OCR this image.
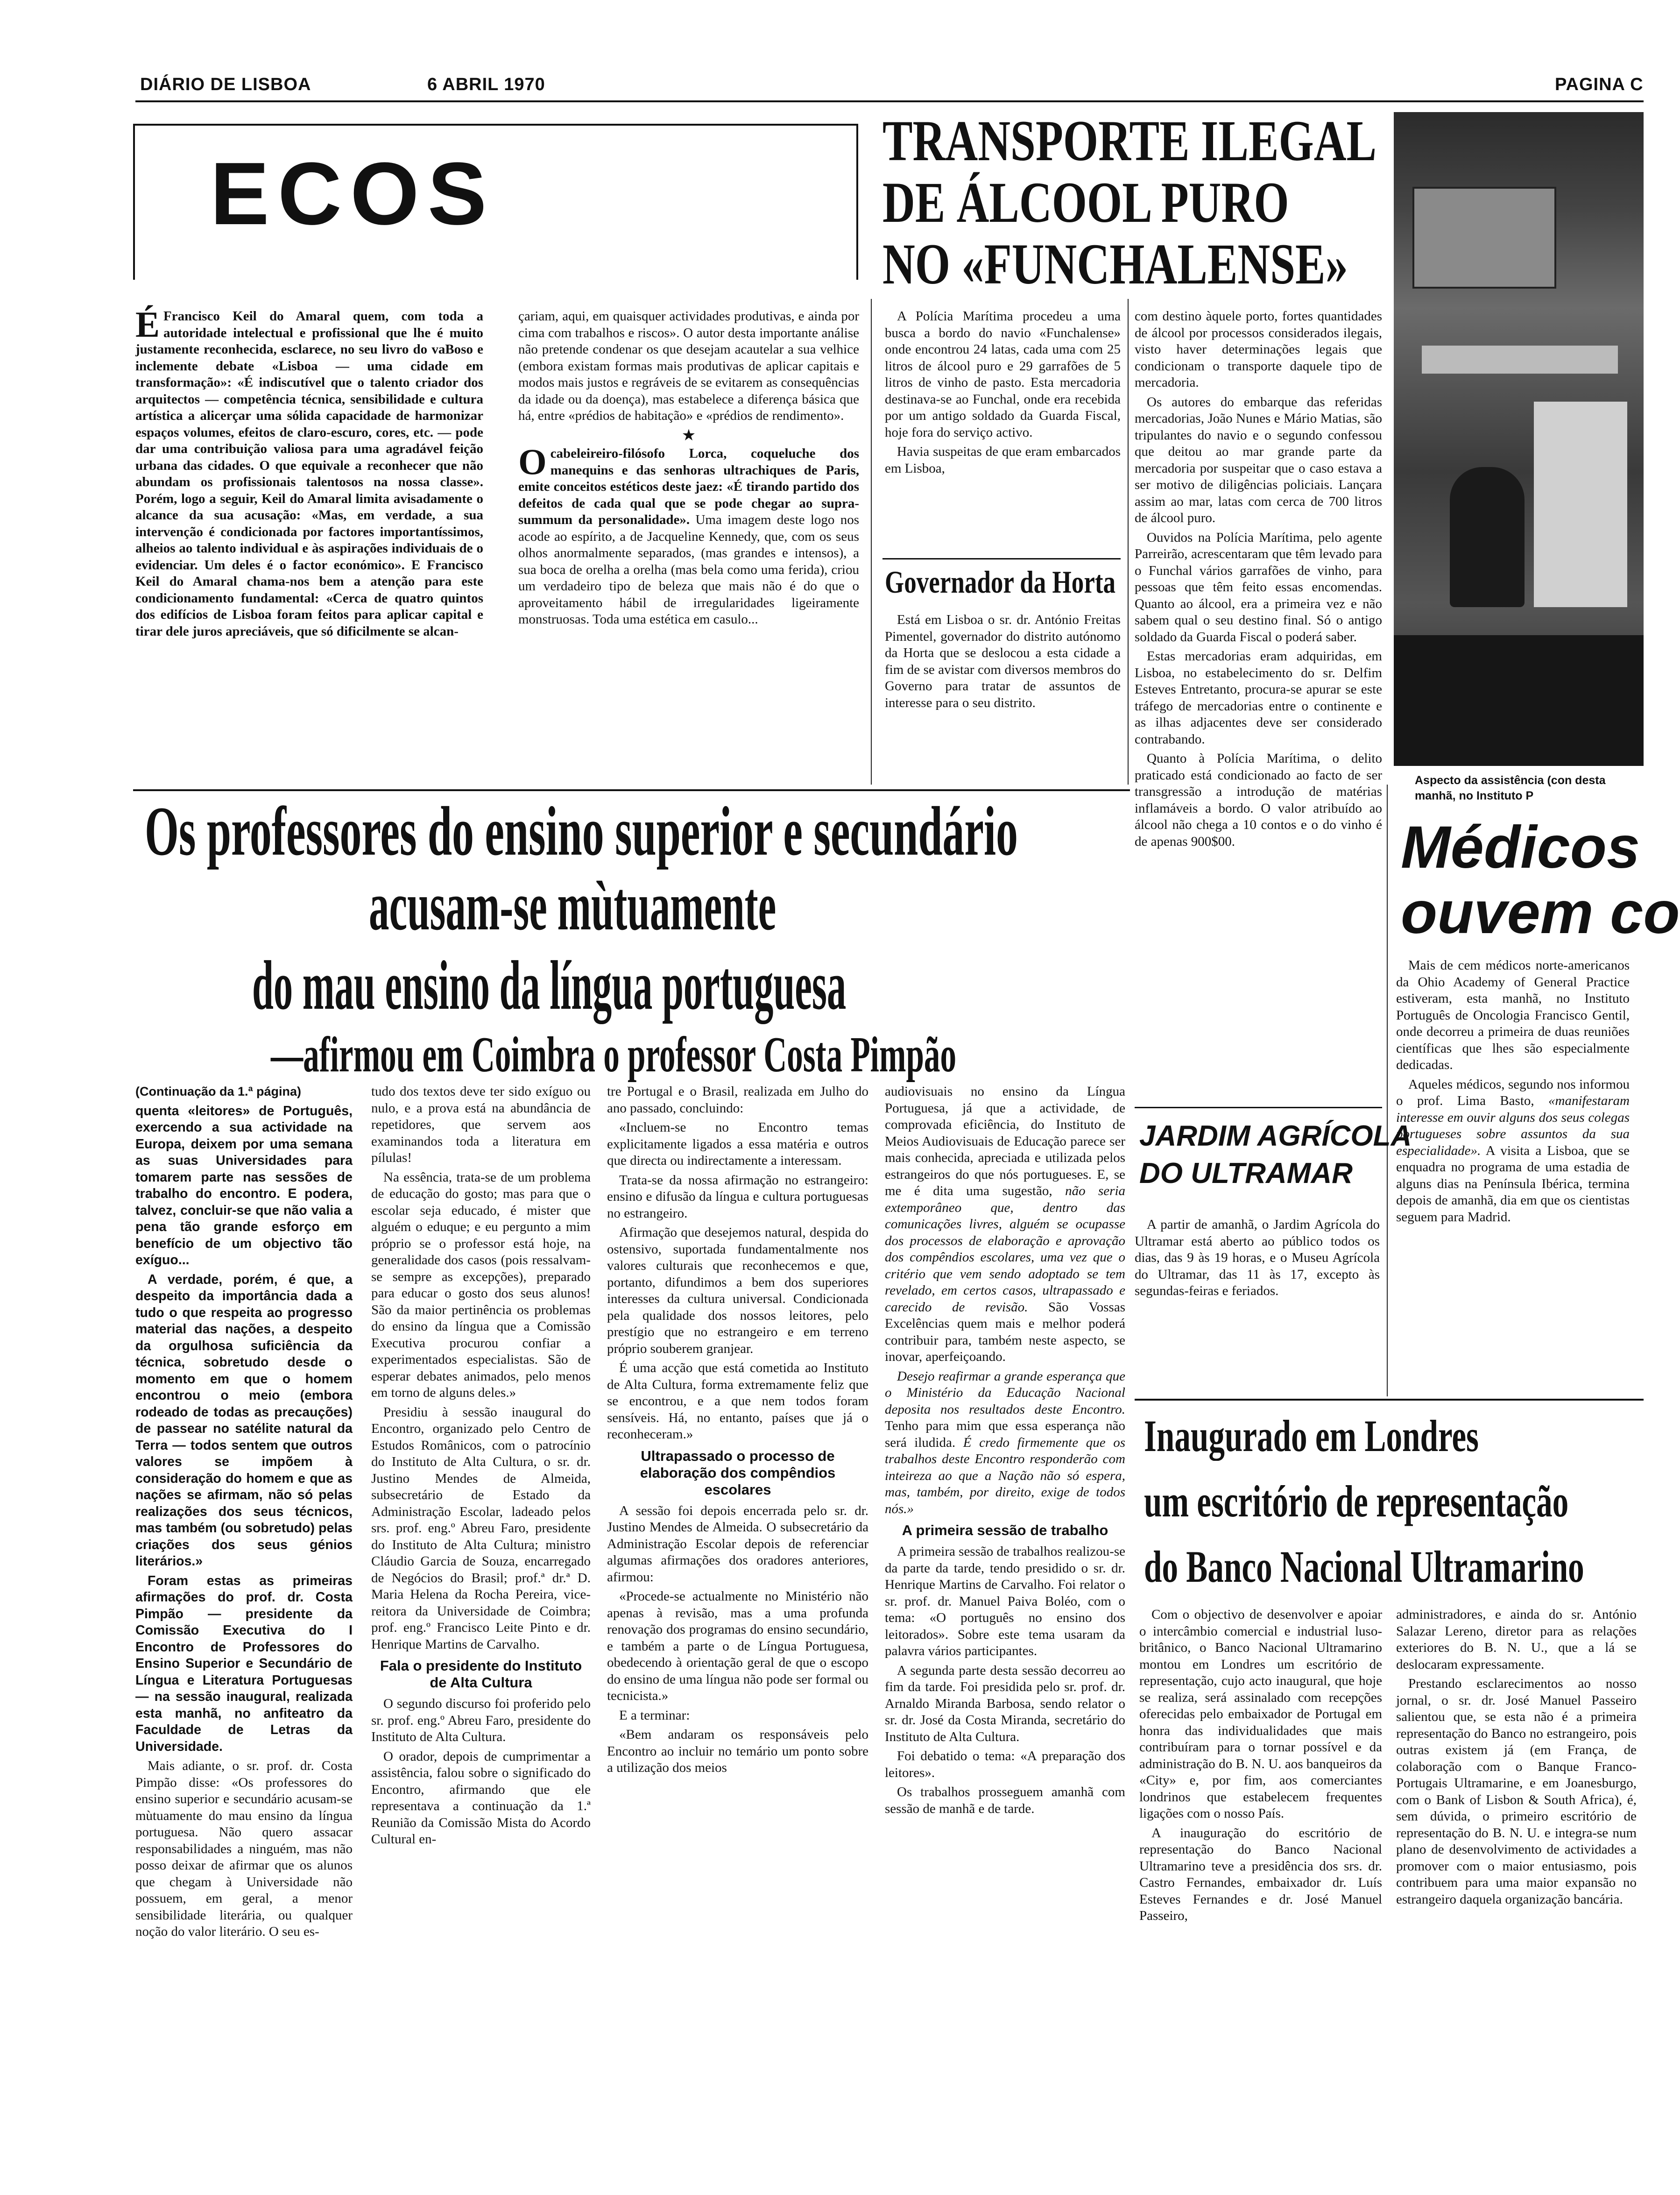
DIÁRIO DE LISBOA	6 ABRIL 1970	PAGINA C
ECOS

É Francisco Keil do Amaral quem, com toda a autoridade intelectual e profissional que lhe é muito justamente reconhecida, esclarece, no seu livro do vaBoso e inclemente debate «Lisboa — uma cidade em transformação»: «É indiscutível que o talento criador dos arquitectos — competência técnica, sensibilidade e cultura artística a alicerçar uma sólida capacidade de harmonizar espaços volumes, efeitos de claro-escuro, cores, etc. — pode dar uma contribuição valiosa para uma agradável feição urbana das cidades. O que equivale a reconhecer que não abundam os profissionais talentosos na nossa classe». Porém, logo a seguir, Keil do Amaral limita avisadamente o alcance da sua acusação: «Mas, em verdade, a sua intervenção é condicionada por factores importantíssimos, alheios ao talento individual e às aspirações individuais de o evidenciar. Um deles é o factor económico». E Francisco Keil do Amaral chama-nos bem a atenção para este condicionamento fundamental: «Cerca de quatro quintos dos edifícios de Lisboa foram feitos para aplicar capital e tirar dele juros apreciáveis, que só dificilmente se alcan-

çariam, aqui, em quaisquer actividades produtivas, e ainda por cima com trabalhos e riscos». O autor desta importante análise não pretende condenar os que desejam acautelar a sua velhice (embora existam formas mais produtivas de aplicar capitais e modos mais justos e regráveis de se evitarem as consequências da idade ou da doença), mas estabelece a diferença básica que há, entre «prédios de habitação» e «prédios de rendimento».

★

Ocabeleireiro-filósofo Lorca, coqueluche dos manequins e das senhoras ultrachiques de Paris, emite conceitos estéticos deste jaez: «É tirando partido dos defeitos de cada qual que se pode chegar ao supra-summum da personalidade». Uma imagem deste logo nos acode ao espírito, a de Jacqueline Kennedy, que, com os seus olhos anormalmente separados, (mas grandes e intensos), a sua boca de orelha a orelha (mas bela como uma ferida), criou um verdadeiro tipo de beleza que mais não é do que o aproveitamento hábil de irregularidades ligeiramente monstruosas. Toda uma estética em casulo...

TRANSPORTE ILEGAL
DE ÁLCOOL PURO
NO «FUNCHALENSE»

A Polícia Marítima procedeu a uma busca a bordo do navio «Funchalense» onde encontrou 24 latas, cada uma com 25 litros de álcool puro e 29 garrafões de 5 litros de vinho de pasto. Esta mercadoria destinava-se ao Funchal, onde era recebida por um antigo soldado da Guarda Fiscal, hoje fora do serviço activo.

Havia suspeitas de que eram embarcados em Lisboa,

com destino àquele porto, fortes quantidades de álcool por processos considerados ilegais, visto haver determinações legais que condicionam o transporte daquele tipo de mercadoria.

Os autores do embarque das referidas mercadorias, João Nunes e Mário Matias, são tripulantes do navio e o segundo confessou que deitou ao mar grande parte da mercadoria por suspeitar que o caso estava a ser motivo de diligências policiais. Lançara assim ao mar, latas com cerca de 700 litros de álcool puro.

Ouvidos na Polícia Marítima, pelo agente Parreirão, acrescentaram que têm levado para o Funchal vários garrafões de vinho, para pessoas que têm feito essas encomendas. Quanto ao álcool, era a primeira vez e não sabem qual o seu destino final. Só o antigo soldado da Guarda Fiscal o poderá saber.

Estas mercadorias eram adquiridas, em Lisboa, no estabelecimento do sr. Delfim Esteves Entretanto, procura-se apurar se este tráfego de mercadorias entre o continente e as ilhas adjacentes deve ser considerado contrabando.

Quanto à Polícia Marítima, o delito praticado está condicionado ao facto de ser transgressão a introdução de matérias inflamáveis a bordo. O valor atribuído ao álcool não chega a 10 contos e o do vinho é de apenas 900$00.

Governador da Horta

Está em Lisboa o sr. dr. António Freitas Pimentel, governador do distrito autónomo da Horta que se deslocou a esta cidade a fim de se avistar com diversos membros do Governo para tratar de assuntos de interesse para o seu distrito.

Aspecto da assistência (con desta manhã, no Instituto P
Médicos
ouvem co

Mais de cem médicos norte-americanos da Ohio Academy of General Practice estiveram, esta manhã, no Instituto Português de Oncologia Francisco Gentil, onde decorreu a primeira de duas reuniões científicas que lhes são especialmente dedicadas.

Aqueles médicos, segundo nos informou o prof. Lima Basto, «manifestaram interesse em ouvir alguns dos seus colegas portugueses sobre assuntos da sua especialidade». A visita a Lisboa, que se enquadra no programa de uma estadia de alguns dias na Península Ibérica, termina depois de amanhã, dia em que os cientistas seguem para Madrid.

JARDIM AGRÍCOLA
DO ULTRAMAR

A partir de amanhã, o Jardim Agrícola do Ultramar está aberto ao público todos os dias, das 9 às 19 horas, e o Museu Agrícola do Ultramar, das 11 às 17, excepto às segundas-feiras e feriados.

Inaugurado em Londres
um escritório de representação
do Banco Nacional Ultramarino

Com o objectivo de desenvolver e apoiar o intercâmbio comercial e industrial luso-britânico, o Banco Nacional Ultramarino montou em Londres um escritório de representação, cujo acto inaugural, que hoje se realiza, será assinalado com recepções oferecidas pelo embaixador de Portugal em honra das individualidades que mais contribuíram para o tornar possível e da administração do B. N. U. aos banqueiros da «City» e, por fim, aos comerciantes londrinos que estabelecem frequentes ligações com o nosso País.

A inauguração do escritório de representação do Banco Nacional Ultramarino teve a presidência dos srs. dr. Castro Fernandes, embaixador dr. Luís Esteves Fernandes e dr. José Manuel Passeiro,

administradores, e ainda do sr. António Salazar Lereno, diretor para as relações exteriores do B. N. U., que a lá se deslocaram expressamente.

Prestando esclarecimentos ao nosso jornal, o sr. dr. José Manuel Passeiro salientou que, se esta não é a primeira representação do Banco no estrangeiro, pois outras existem já (em França, de colaboração com o Banque Franco-Portugais Ultramarine, e em Joanesburgo, com o Bank of Lisbon & South Africa), é, sem dúvida, o primeiro escritório de representação do B. N. U. e integra-se num plano de desenvolvimento de actividades a promover com o maior entusiasmo, pois contribuem para uma maior expansão no estrangeiro daquela organização bancária.

Os professores do ensino superior e secundário
acusam-se mùtuamente
do mau ensino da língua portuguesa
—afirmou em Coimbra o professor Costa Pimpão

(Continuação da 1.ª página)

quenta «leitores» de Português, exercendo a sua actividade na Europa, deixem por uma semana as suas Universidades para tomarem parte nas sessões de trabalho do encontro. E podera, talvez, concluir-se que não valia a pena tão grande esforço em benefício de um objectivo tão exíguo...

A verdade, porém, é que, a despeito da importância dada a tudo o que respeita ao progresso material das nações, a despeito da orgulhosa suficiência da técnica, sobretudo desde o momento em que o homem encontrou o meio (embora rodeado de todas as precauções) de passear no satélite natural da Terra — todos sentem que outros valores se impõem à consideração do homem e que as nações se afirmam, não só pelas realizações dos seus técnicos, mas também (ou sobretudo) pelas criações dos seus génios literários.»

Foram estas as primeiras afirmações do prof. dr. Costa Pimpão — presidente da Comissão Executiva do I Encontro de Professores do Ensino Superior e Secundário de Língua e Literatura Portuguesas — na sessão inaugural, realizada esta manhã, no anfiteatro da Faculdade de Letras da Universidade.

Mais adiante, o sr. prof. dr. Costa Pimpão disse: «Os professores do ensino superior e secundário acusam-se mùtuamente do mau ensino da língua portuguesa. Não quero assacar responsabilidades a ninguém, mas não posso deixar de afirmar que os alunos que chegam à Universidade não possuem, em geral, a menor sensibilidade literária, ou qualquer noção do valor literário. O seu es-

tudo dos textos deve ter sido exíguo ou nulo, e a prova está na abundância de repetidores, que servem aos examinandos toda a literatura em pílulas!

Na essência, trata-se de um problema de educação do gosto; mas para que o escolar seja educado, é mister que alguém o eduque; e eu pergunto a mim próprio se o professor está hoje, na generalidade dos casos (pois ressalvam-se sempre as excepções), preparado para educar o gosto dos seus alunos! São da maior pertinência os problemas do ensino da língua que a Comissão Executiva procurou confiar a experimentados especialistas. São de esperar debates animados, pelo menos em torno de alguns deles.»

Presidiu à sessão inaugural do Encontro, organizado pelo Centro de Estudos Românicos, com o patrocínio do Instituto de Alta Cultura, o sr. dr. Justino Mendes de Almeida, subsecretário de Estado da Administração Escolar, ladeado pelos srs. prof. eng.º Abreu Faro, presidente do Instituto de Alta Cultura; ministro Cláudio Garcia de Souza, encarregado de Negócios do Brasil; prof.ª dr.ª D. Maria Helena da Rocha Pereira, vice-reitora da Universidade de Coimbra; prof. eng.º Francisco Leite Pinto e dr. Henrique Martins de Carvalho.

Fala o presidente do Instituto de Alta Cultura

O segundo discurso foi proferido pelo sr. prof. eng.º Abreu Faro, presidente do Instituto de Alta Cultura.

O orador, depois de cumprimentar a assistência, falou sobre o significado do Encontro, afirmando que ele representava a continuação da 1.ª Reunião da Comissão Mista do Acordo Cultural en-

tre Portugal e o Brasil, realizada em Julho do ano passado, concluindo:

«Incluem-se no Encontro temas explicitamente ligados a essa matéria e outros que directa ou indirectamente a interessam.

Trata-se da nossa afirmação no estrangeiro: ensino e difusão da língua e cultura portuguesas no estrangeiro.

Afirmação que desejemos natural, despida do ostensivo, suportada fundamentalmente nos valores culturais que reconhecemos e que, portanto, difundimos a bem dos superiores interesses da cultura universal. Condicionada pela qualidade dos nossos leitores, pelo prestígio que no estrangeiro e em terreno próprio souberem granjear.

É uma acção que está cometida ao Instituto de Alta Cultura, forma extremamente feliz que se encontrou, e a que nem todos foram sensíveis. Há, no entanto, países que já o reconheceram.»

Ultrapassado o processo de elaboração dos compêndios escolares

A sessão foi depois encerrada pelo sr. dr. Justino Mendes de Almeida. O subsecretário da Administração Escolar depois de referenciar algumas afirmações dos oradores anteriores, afirmou:

«Procede-se actualmente no Ministério não apenas à revisão, mas a uma profunda renovação dos programas do ensino secundário, e também a parte o de Língua Portuguesa, obedecendo à orientação geral de que o escopo do ensino de uma língua não pode ser formal ou tecnicista.»

E a terminar:

«Bem andaram os responsáveis pelo Encontro ao incluir no temário um ponto sobre a utilização dos meios

audiovisuais no ensino da Língua Portuguesa, já que a actividade, de comprovada eficiência, do Instituto de Meios Audiovisuais de Educação parece ser mais conhecida, apreciada e utilizada pelos estrangeiros do que nós portugueses. E, se me é dita uma sugestão, não seria extemporâneo que, dentro das comunicações livres, alguém se ocupasse dos processos de elaboração e aprovação dos compêndios escolares, uma vez que o critério que vem sendo adoptado se tem revelado, em certos casos, ultrapassado e carecido de revisão. São Vossas Excelências quem mais e melhor poderá contribuir para, também neste aspecto, se inovar, aperfeiçoando.

Desejo reafirmar a grande esperança que o Ministério da Educação Nacional deposita nos resultados deste Encontro. Tenho para mim que essa esperança não será iludida. É credo firmemente que os trabalhos deste Encontro responderão com inteireza ao que a Nação não só espera, mas, também, por direito, exige de todos nós.»

A primeira sessão de trabalho

A primeira sessão de trabalhos realizou-se da parte da tarde, tendo presidido o sr. dr. Henrique Martins de Carvalho. Foi relator o sr. prof. dr. Manuel Paiva Boléo, com o tema: «O português no ensino dos leitorados». Sobre este tema usaram da palavra vários participantes.

A segunda parte desta sessão decorreu ao fim da tarde. Foi presidida pelo sr. prof. dr. Arnaldo Miranda Barbosa, sendo relator o sr. dr. José da Costa Miranda, secretário do Instituto de Alta Cultura.

Foi debatido o tema: «A preparação dos leitores».

Os trabalhos prosseguem amanhã com sessão de manhã e de tarde.
